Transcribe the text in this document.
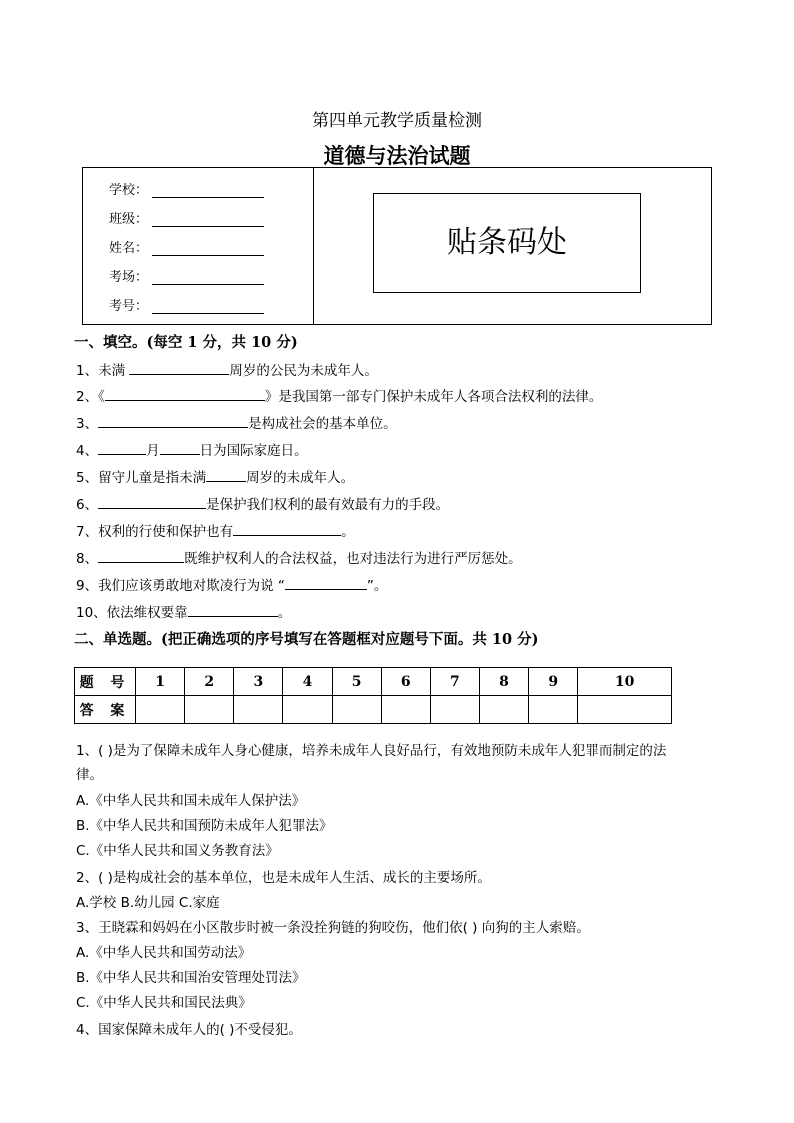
第四单元教学质量检测
道德与法治试题
学校：
班级：
姓名：
考场：
考号：
贴条码处
一、填空。(每空 1 分，共 10 分)
1、未满	周岁的公民为未成年人。
2、《	》是我国第一部专门保护未成年人各项合法权利的法律。
3、	是构成社会的基本单位。
4、	月	日为国际家庭日。
5、留守儿童是指未满	周岁的未成年人。
6、	是保护我们权利的最有效最有力的手段。
7、权利的行使和保护也有	。
8、	既维护权利人的合法权益，也对违法行为进行严厉惩处。
9、我们应该勇敢地对欺凌行为说 “	”。
10、依法维权要靠	。
二、单选题。(把正确选项的序号填写在答题框对应题号下面。共 10 分)
题 号	1	2	3	4	5	6	7	8	9	10
答 案										
1、( )是为了保障未成年人身心健康，培养未成年人良好品行，有效地预防未成年人犯罪而制定的法
律。
A.《中华人民共和国未成年人保护法》
B.《中华人民共和国预防未成年人犯罪法》
C.《中华人民共和国义务教育法》
2、( )是构成社会的基本单位，也是未成年人生活、成长的主要场所。
A.学校 B.幼儿园 C.家庭
3、王晓霖和妈妈在小区散步时被一条没拴狗链的狗咬伤，他们依( ) 向狗的主人索赔。
A.《中华人民共和国劳动法》
B.《中华人民共和国治安管理处罚法》
C.《中华人民共和国民法典》
4、国家保障未成年人的( )不受侵犯。
